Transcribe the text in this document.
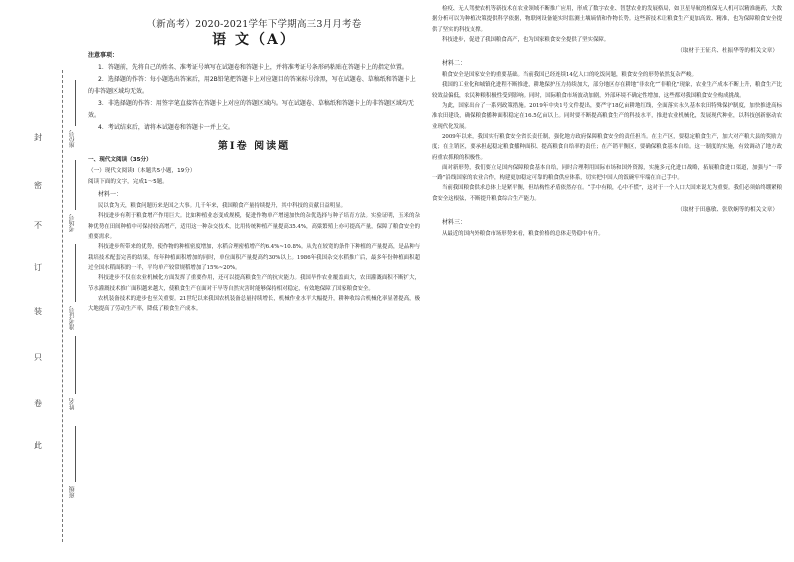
封
密
不
订
装
只
卷
此
座位号
考场号
准考证号
姓名
班级
（新高考）2020-2021学年下学期高三3月月考卷
语 文（A）
注意事项：
1．答题前，先将自己的姓名、准考证号填写在试题卷和答题卡上，并将准考证号条形码粘贴在答题卡上的指定位置。
2．选择题的作答：每小题选出答案后，用2B铅笔把答题卡上对应题目的答案标号涂黑，写在试题卷、草稿纸和答题卡上的非答题区域均无效。
3．非选择题的作答：用签字笔直接答在答题卡上对应的答题区域内。写在试题卷、草稿纸和答题卡上的非答题区域均无效。
4．考试结束后，请将本试题卷和答题卡一并上交。
第Ⅰ卷 阅读题
一、现代文阅读（35分）
（一）现代文阅读Ⅰ（本题共5小题，19分）
阅读下面的文字，完成1～5题。
材料一：
民以食为天，粮食问题历来是国之大事。几千年来，我国粮食产量持续提升，其中科技的贡献日益明显。
科技进步有利于粮食增产作用巨大。比如种植业态变成规模，促进作物单产增速加快的杂优选择与种子培育方法。实验证明，玉米的杂种优势在田间种植中可保持较高增产，适用这一种杂交技术，比用传统种植产量提高35.4%，高粱繁殖上亦可提高产量，保障了粮食安全的重要需求。
科技进步所带来的优势，使作物的种植密度增加，水稻合理密植增产约6.4%~10.8%。从先在较宽的条件下种植的产量提高，是品种与栽培技术配套完善的结果，每年种植面积增加的同时，单位面积产量提高约30%以上。1986年我国杂交水稻推广后，最多年份种植面积超过全国水稻面积的一半，平均单产较常规稻增加了15%~20%。
科技进步不仅在农业机械化方面发挥了重要作用，还可以提高粮食生产的抗灾能力。我国旱作农业覆盖面大，农田灌溉面积不断扩大，节水灌溉技术推广面积越来越大，使粮食生产在面对干旱等自然灾害时能够保持相对稳定，有效地保障了国家粮食安全。
农机装备技术的进步也至关重要。21世纪以来我国农机装备总量持续增长，机械作业水平大幅提升，耕种收综合机械化率显著提高，极大地提高了劳动生产率，降低了粮食生产成本。
检疫、无人驾驶农机等新技术在农业领域不断推广应用，形成了数字农业、智慧农业的发展格局，如卫星导航的植保无人机可以精准施药，大数据分析可以为种植决策提供科学依据，物联网设备能实时监测土壤墒情和作物长势。这些新技术让粮食生产更加高效、精准，也为保障粮食安全提供了坚实的科技支撑。
科技进步，促进了我国粮食高产，也为国家粮食安全提供了坚实保障。
（取材于王征兵、杜振华等的相关文章）
材料二：
粮食安全是国家安全的重要基础。当前我国已经连续14亿人口的吃饭问题，粮食安全的形势依然复杂严峻。
我国的工业化和城镇化进程不断推进，耕地保护压力持续加大，部分地区存在耕地“非农化”“非粮化”现象，农业生产成本不断上升，粮食生产比较效益偏低，农民种粮积极性受到影响。同时，国际粮食市场波动加剧，外部环境不确定性增加，这些都对我国粮食安全构成挑战。
为此，国家出台了一系列政策措施。2019年中央1号文件提出，要严守18亿亩耕地红线，全面落实永久基本农田特殊保护制度，加快推进高标准农田建设，确保粮食播种面积稳定在16.5亿亩以上。同时要不断提高粮食生产的科技水平，推进农业机械化，发展现代种业，以科技创新驱动农业现代化发展。
2009年以来，我国实行粮食安全省长责任制，强化地方政府保障粮食安全的责任担当。在主产区，要稳定粮食生产，加大对产粮大县的奖励力度；在主销区，要承担起稳定粮食播种面积、提高粮食自给率的责任；在产销平衡区，要确保粮食基本自给。这一制度的实施，有效调动了地方政府重农抓粮的积极性。
面对新形势，我们要立足国内保障粮食基本自给，同时合理利用国际市场和国外资源，实施多元化进口战略，拓展粮食进口渠道，加强与“一带一路”沿线国家的农业合作，构建更加稳定可靠的粮食供应体系，切实把中国人的饭碗牢牢端在自己手中。
当前我国粮食供求总体上是紧平衡，但结构性矛盾依然存在。“手中有粮，心中不慌”，这对于一个人口大国来说尤为重要。我们必须始终绷紧粮食安全这根弦，不断提升粮食综合生产能力。
（取材于田惠敏、张欣娴等的相关文章）
材料三：
从最近的国内外粮食市场形势来看，粮食价格的总体走势稳中有升。
